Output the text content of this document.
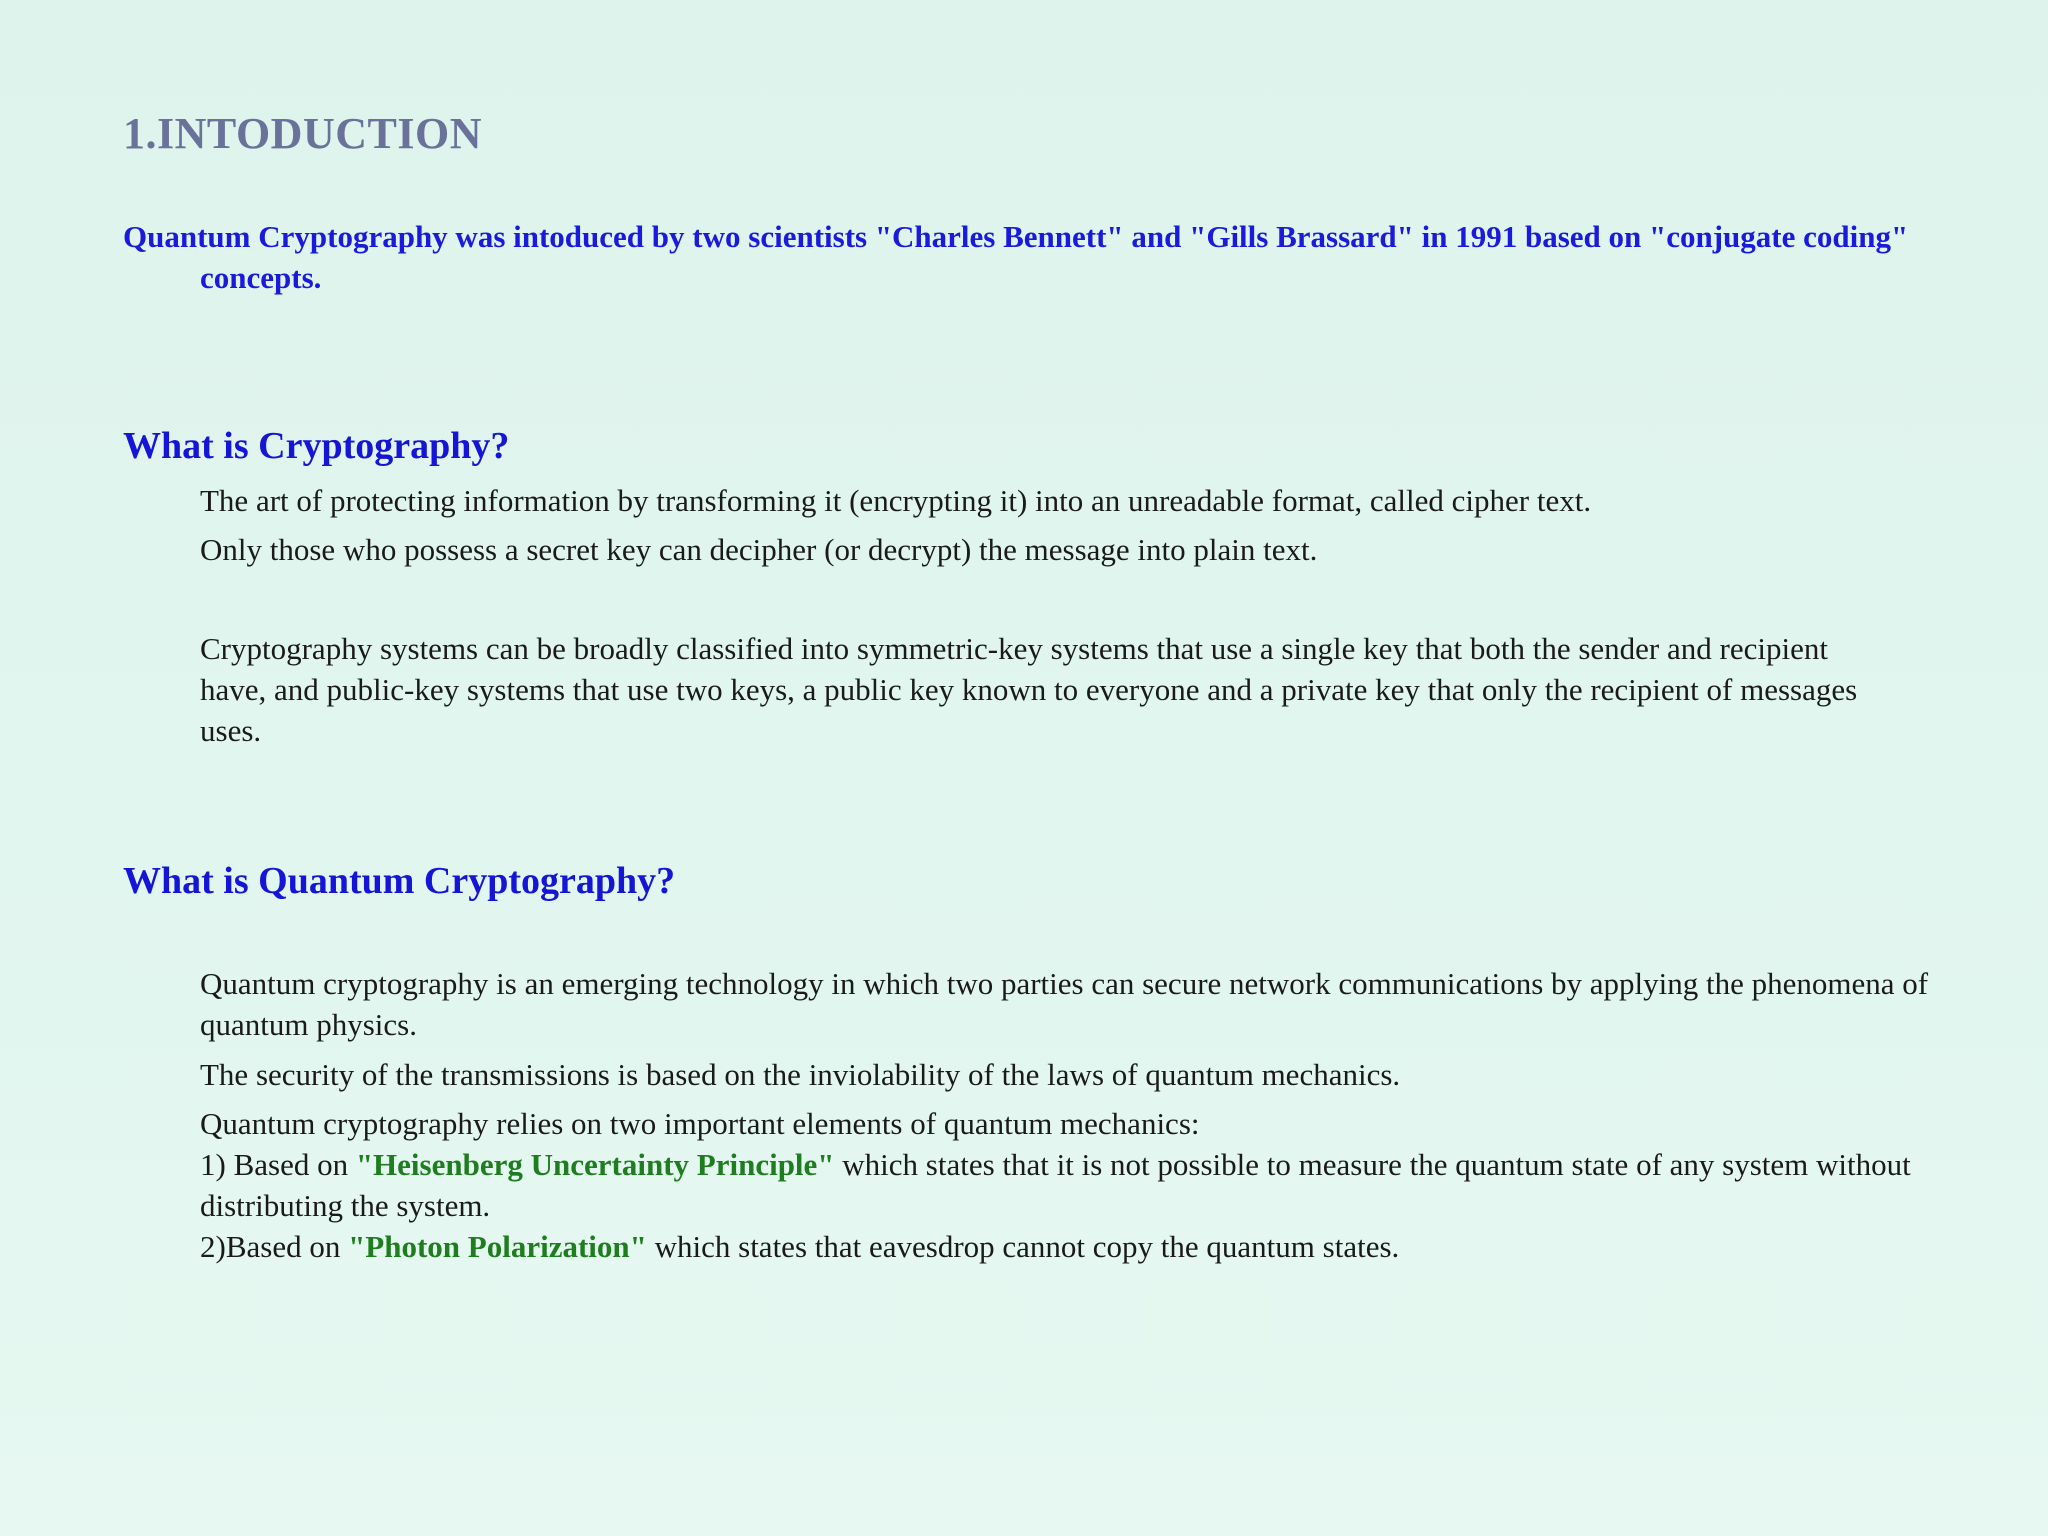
1.INTODUCTION

Quantum Cryptography was intoduced by two scientists "Charles Bennett" and "Gills Brassard" in 1991 based on "conjugate coding" concepts.

What is Cryptography?

The art of protecting information by transforming it (encrypting it) into an unreadable format, called cipher text.

Only those who possess a secret key can decipher (or decrypt) the message into plain text.

Cryptography systems can be broadly classified into symmetric-key systems that use a single key that both the sender and recipient have, and public-key systems that use two keys, a public key known to everyone and a private key that only the recipient of messages uses.

What is Quantum Cryptography?

Quantum cryptography is an emerging technology in which two parties can secure network communications by applying the phenomena of quantum physics.

The security of the transmissions is based on the inviolability of the laws of quantum mechanics.

Quantum cryptography relies on two important elements of quantum mechanics:
1) Based on "Heisenberg Uncertainty Principle" which states that it is not possible to measure the quantum state of any system without distributing the system.
2)Based on "Photon Polarization" which states that eavesdrop cannot copy the quantum states.
